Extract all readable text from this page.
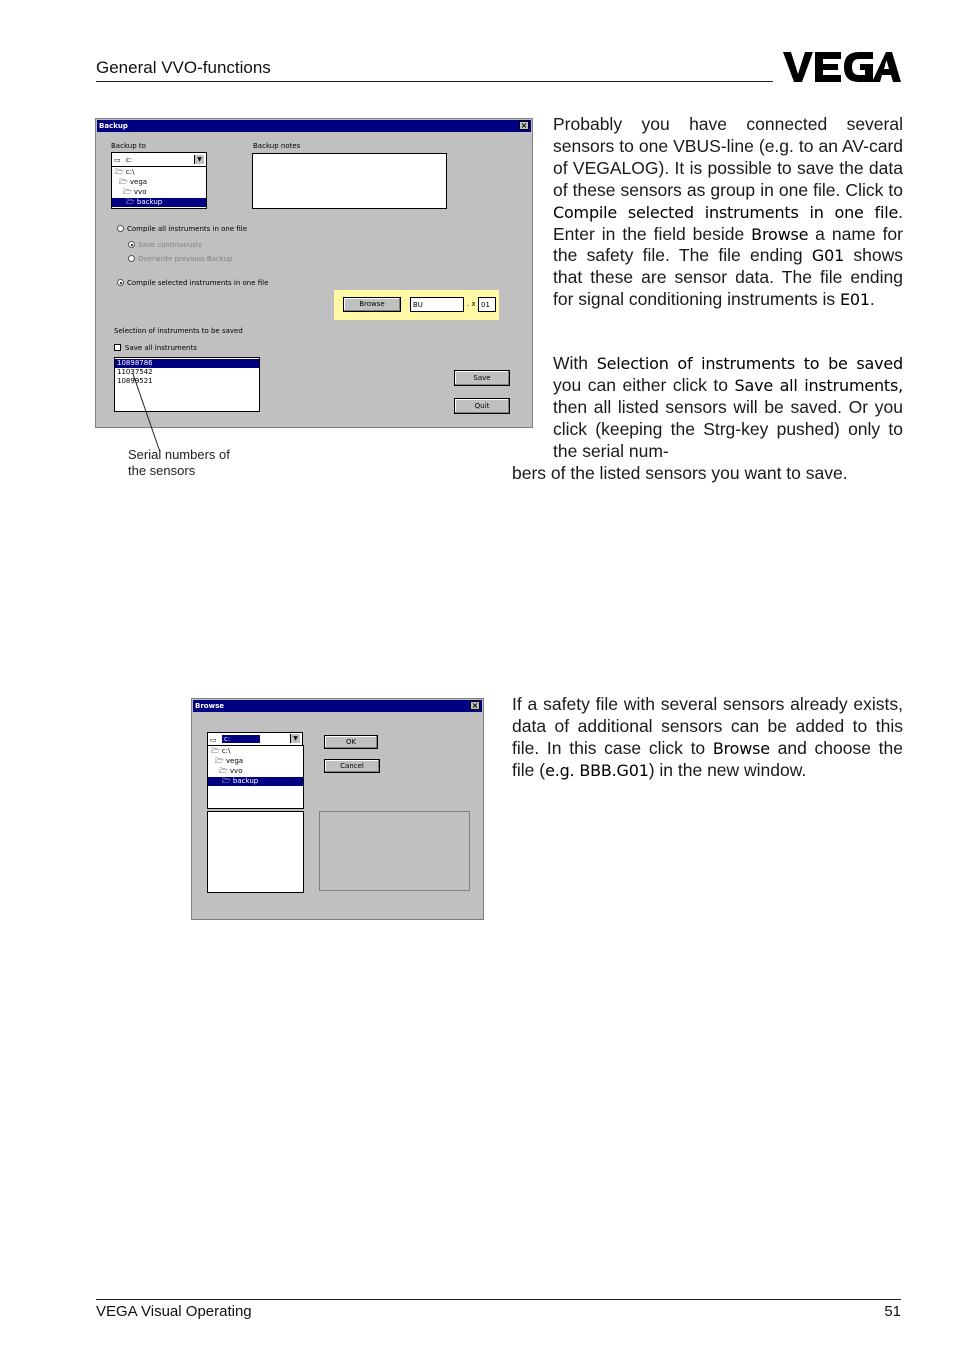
General VVO-functions
Backup	×
Backup to
▭ c:	▼
🗁 c:\
🗁 vega
🗁 vvo
🗁 backup
Backup notes
Compile all instruments in one file
Save continuously
Overwrite previous Backup
Compile selected instruments in one file
Browse	BU	. x 01
Selection of instruments to be saved
Save all instruments
10898786
11037542
10899521	Save
Quit
Serial numbers of
the sensors
Probably you have connected several sensors to one VBUS-line (e.g. to an AV-card of VEGALOG). It is possible to save the data of these sensors as group in one file. Click to Compile selected instruments in one file. Enter in the field beside Browse a name for the safety file. The file ending G01 shows that these are sensor data. The file ending for signal conditioning instruments is E01.
With Selection of instruments to be saved you can either click to Save all instruments, then all listed sensors will be saved. Or you click (keeping the Strg-key pushed) only to the serial num-
bers of the listed sensors you want to save.
Browse	×
▭ c:	▼
🗁 c:\
🗁 vega
🗁 vvo
🗁 backup
OK
Cancel
If a safety file with several sensors already exists, data of additional sensors can be added to this file. In this case click to Browse and choose the file (e.g. BBB.G01) in the new window.
VEGA Visual Operating	51
